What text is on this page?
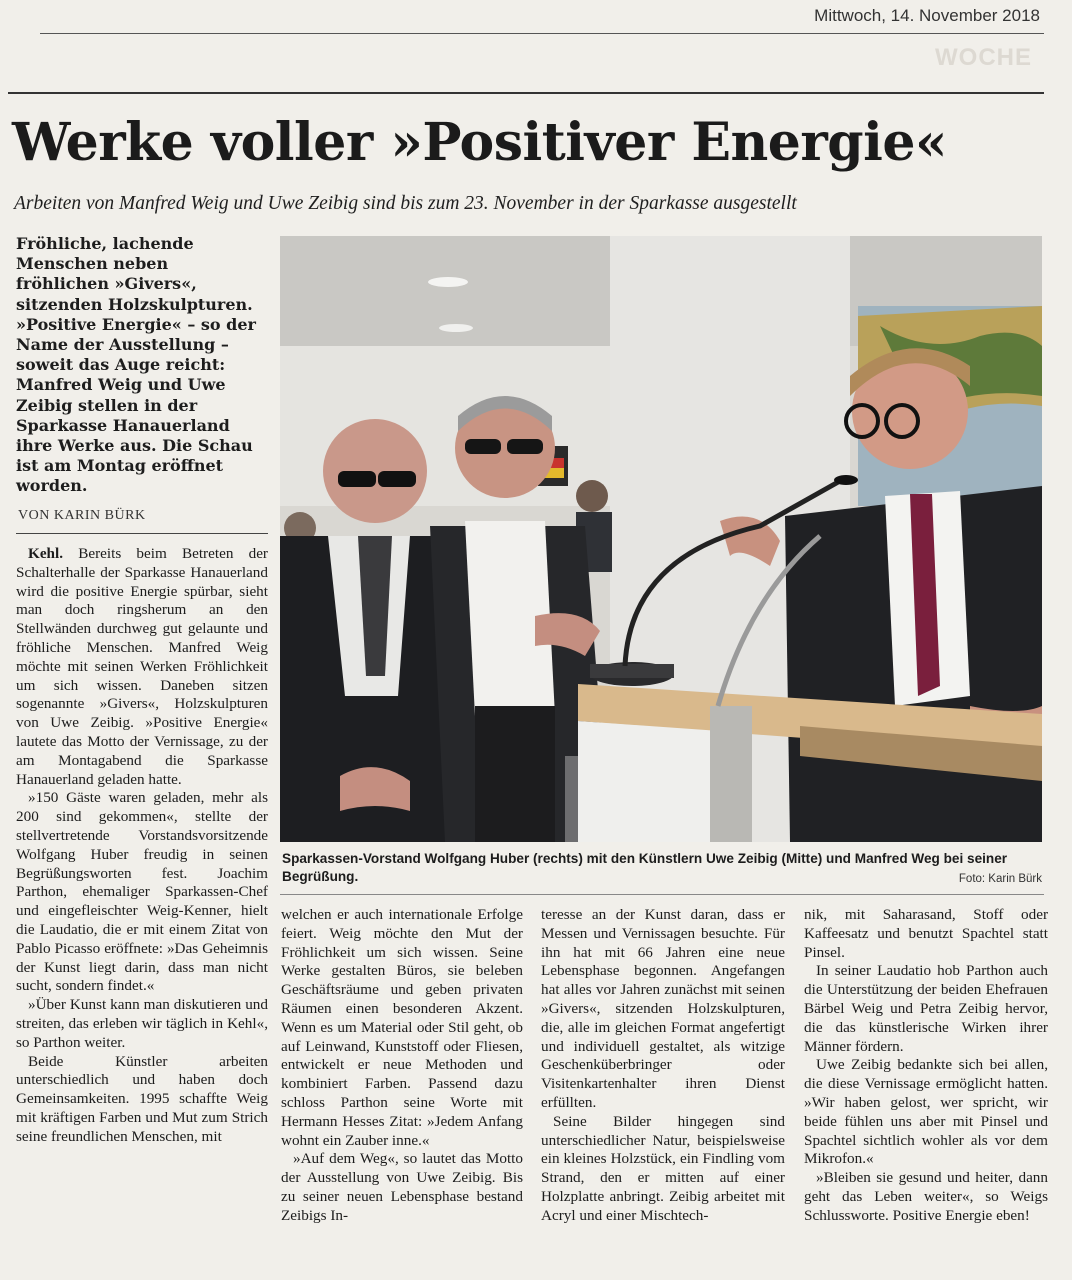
Mittwoch, 14. November 2018
WOCHE
Werke voller »Positiver Energie«
Arbeiten von Manfred Weig und Uwe Zeibig sind bis zum 23. November in der Sparkasse ausgestellt

Fröhliche, lachende Menschen neben fröhlichen »Givers«, sitzenden Holzskulpturen. »Positive Energie« – so der Name der Ausstellung – soweit das Auge reicht: Manfred Weig und Uwe Zeibig stellen in der Sparkasse Hanauerland ihre Werke aus. Die Schau ist am Montag eröffnet worden.

VON KARIN BÜRK

Kehl. Bereits beim Betreten der Schalterhalle der Sparkasse Hanauerland wird die positive Energie spürbar, sieht man doch ringsherum an den Stellwänden durchweg gut gelaunte und fröhliche Menschen. Manfred Weig möchte mit seinen Werken Fröhlichkeit um sich wissen. Daneben sitzen sogenannte »Givers«, Holzskulpturen von Uwe Zeibig. »Positive Energie« lautete das Motto der Vernissage, zu der am Montagabend die Sparkasse Hanauerland geladen hatte.

»150 Gäste waren geladen, mehr als 200 sind gekommen«, stellte der stellvertretende Vorstandsvorsitzende Wolfgang Huber freudig in seinen Begrüßungsworten fest. Joachim Parthon, ehemaliger Sparkassen-Chef und eingefleischter Weig-Kenner, hielt die Laudatio, die er mit einem Zitat von Pablo Picasso eröffnete: »Das Geheimnis der Kunst liegt darin, dass man nicht sucht, sondern findet.«

»Über Kunst kann man diskutieren und streiten, das erleben wir täglich in Kehl«, so Parthon weiter.

Beide Künstler arbeiten unterschiedlich und haben doch Gemeinsamkeiten. 1995 schaffte Weig mit kräftigen Farben und Mut zum Strich seine freundlichen Menschen, mit

Sparkassen-Vorstand Wolfgang Huber (rechts) mit den Künstlern Uwe Zeibig (Mitte) und Manfred Weg bei seiner Begrüßung.	Foto: Karin Bürk

welchen er auch internationale Erfolge feiert. Weig möchte den Mut der Fröhlichkeit um sich wissen. Seine Werke gestalten Büros, sie beleben Geschäftsräume und geben privaten Räumen einen besonderen Akzent. Wenn es um Material oder Stil geht, ob auf Leinwand, Kunststoff oder Fliesen, entwickelt er neue Methoden und kombiniert Farben. Passend dazu schloss Parthon seine Worte mit Hermann Hesses Zitat: »Jedem Anfang wohnt ein Zauber inne.«

»Auf dem Weg«, so lautet das Motto der Ausstellung von Uwe Zeibig. Bis zu seiner neuen Lebensphase bestand Zeibigs In-

teresse an der Kunst daran, dass er Messen und Vernissagen besuchte. Für ihn hat mit 66 Jahren eine neue Lebensphase begonnen. Angefangen hat alles vor Jahren zunächst mit seinen »Givers«, sitzenden Holzskulpturen, die, alle im gleichen Format angefertigt und individuell gestaltet, als witzige Geschenküberbringer oder Visitenkartenhalter ihren Dienst erfüllten.

Seine Bilder hingegen sind unterschiedlicher Natur, beispielsweise ein kleines Holzstück, ein Findling vom Strand, den er mitten auf einer Holzplatte anbringt. Zeibig arbeitet mit Acryl und einer Mischtech-

nik, mit Saharasand, Stoff oder Kaffeesatz und benutzt Spachtel statt Pinsel.

In seiner Laudatio hob Parthon auch die Unterstützung der beiden Ehefrauen Bärbel Weig und Petra Zeibig hervor, die das künstlerische Wirken ihrer Männer fördern.

Uwe Zeibig bedankte sich bei allen, die diese Vernissage ermöglicht hatten. »Wir haben gelost, wer spricht, wir beide fühlen uns aber mit Pinsel und Spachtel sichtlich wohler als vor dem Mikrofon.«

»Bleiben sie gesund und heiter, dann geht das Leben weiter«, so Weigs Schlussworte. Positive Energie eben!
